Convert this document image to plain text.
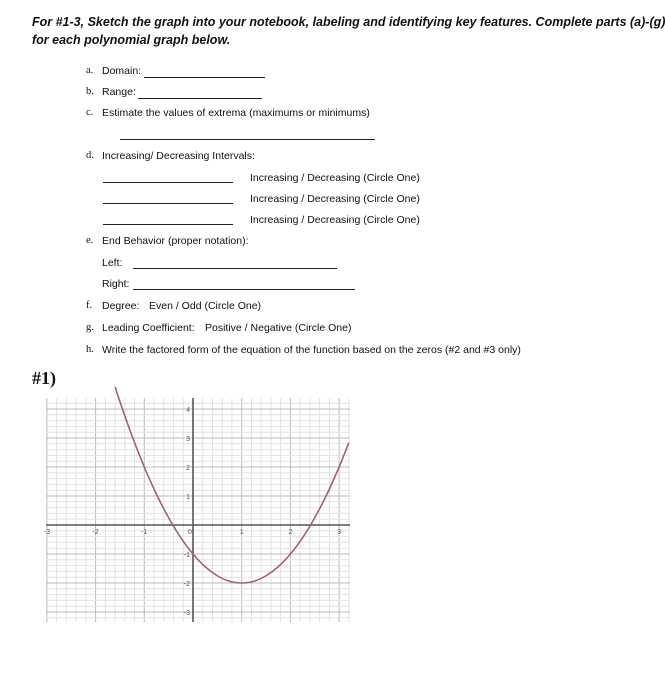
For #1-3, Sketch the graph into your notebook, labeling and identifying key features. Complete parts (a)-(g)
for each polynomial graph below.
a. Domain:
b. Range:
c. Estimate the values of extrema (maximums or minimums)
d. Increasing/ Decreasing Intervals:
Increasing / Decreasing (Circle One)
Increasing / Decreasing (Circle One)
Increasing / Decreasing (Circle One)
e. End Behavior (proper notation):
Left:
Right:
f. Degree: Even / Odd (Circle One)
g. Leading Coefficient: Positive / Negative (Circle One)
h. Write the factored form of the equation of the function based on the zeros (#2 and #3 only)
#1)
-3	-2	-1	0	1	2	3
4
3
2
1
-1
-2
-3
